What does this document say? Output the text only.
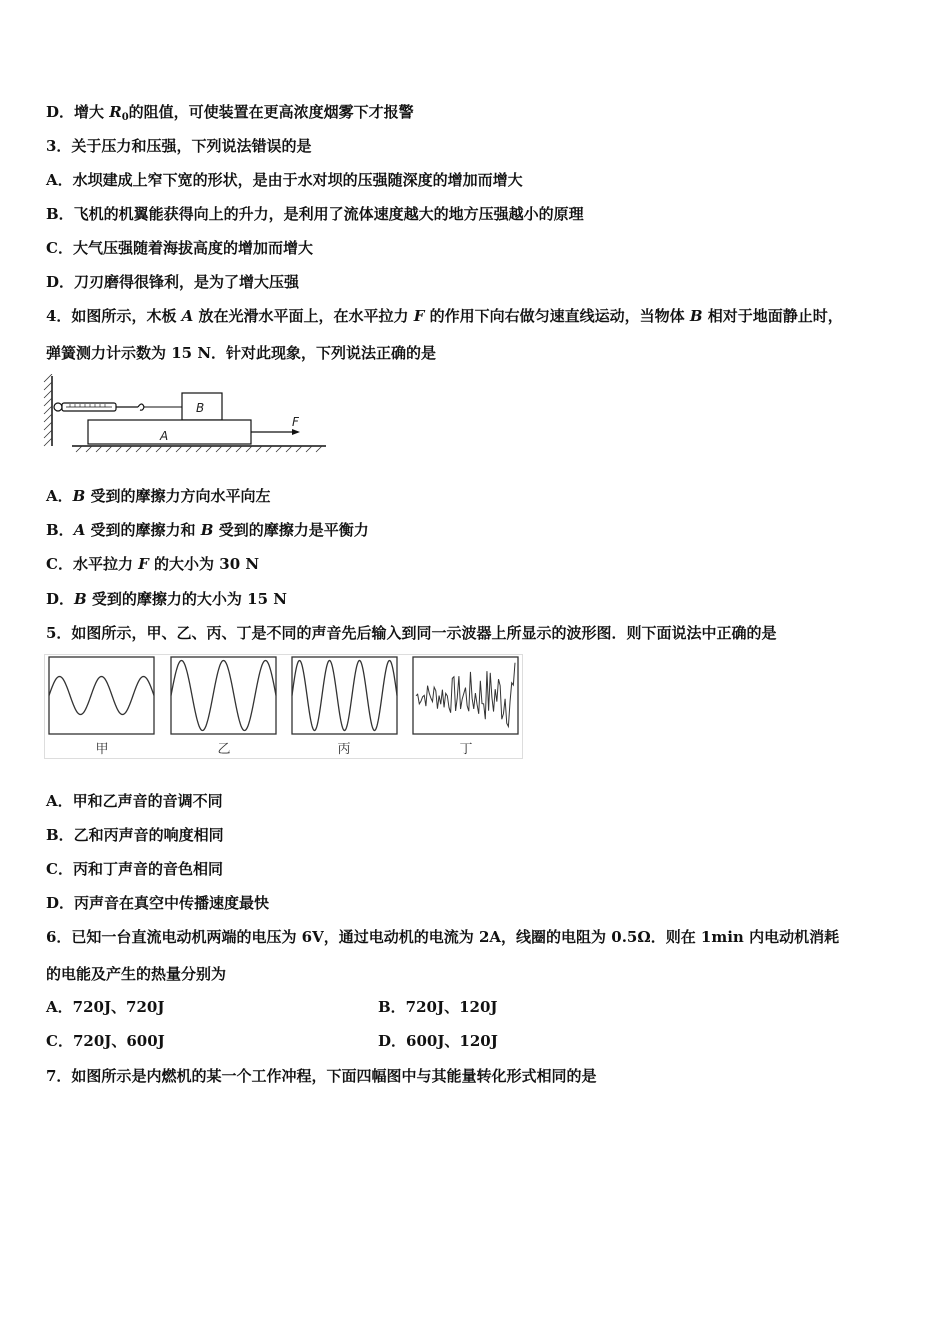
D．增大 $R_0$的阻值，可使装置在更高浓度烟雾下才报警
3．关于压力和压强，下列说法错误的是
A．水坝建成上窄下宽的形状，是由于水对坝的压强随深度的增加而增大
B．飞机的机翼能获得向上的升力，是利用了流体速度越大的地方压强越小的原理
C．大气压强随着海拔高度的增加而增大
D．刀刃磨得很锋利，是为了增大压强
4．如图所示，木板 A 放在光滑水平面上，在水平拉力 F 的作用下向右做匀速直线运动，当物体 B 相对于地面静止时，
弹簧测力计示数为 15 N．针对此现象，下列说法正确的是
B
A
F
A．B 受到的摩擦力方向水平向左
B．A 受到的摩擦力和 B 受到的摩擦力是平衡力
C．水平拉力 F 的大小为 30 N
D．B 受到的摩擦力的大小为 15 N
5．如图所示，甲、乙、丙、丁是不同的声音先后输入到同一示波器上所显示的波形图．则下面说法中正确的是
甲	乙	丙	丁
A．甲和乙声音的音调不同
B．乙和丙声音的响度相同
C．丙和丁声音的音色相同
D．丙声音在真空中传播速度最快
6．已知一台直流电动机两端的电压为 6V，通过电动机的电流为 2A，线圈的电阻为 0.5Ω．则在 1min 内电动机消耗
的电能及产生的热量分别为
A．720J、720J	B．720J、120J
C．720J、600J	D．600J、120J
7．如图所示是内燃机的某一个工作冲程，下面四幅图中与其能量转化形式相同的是
